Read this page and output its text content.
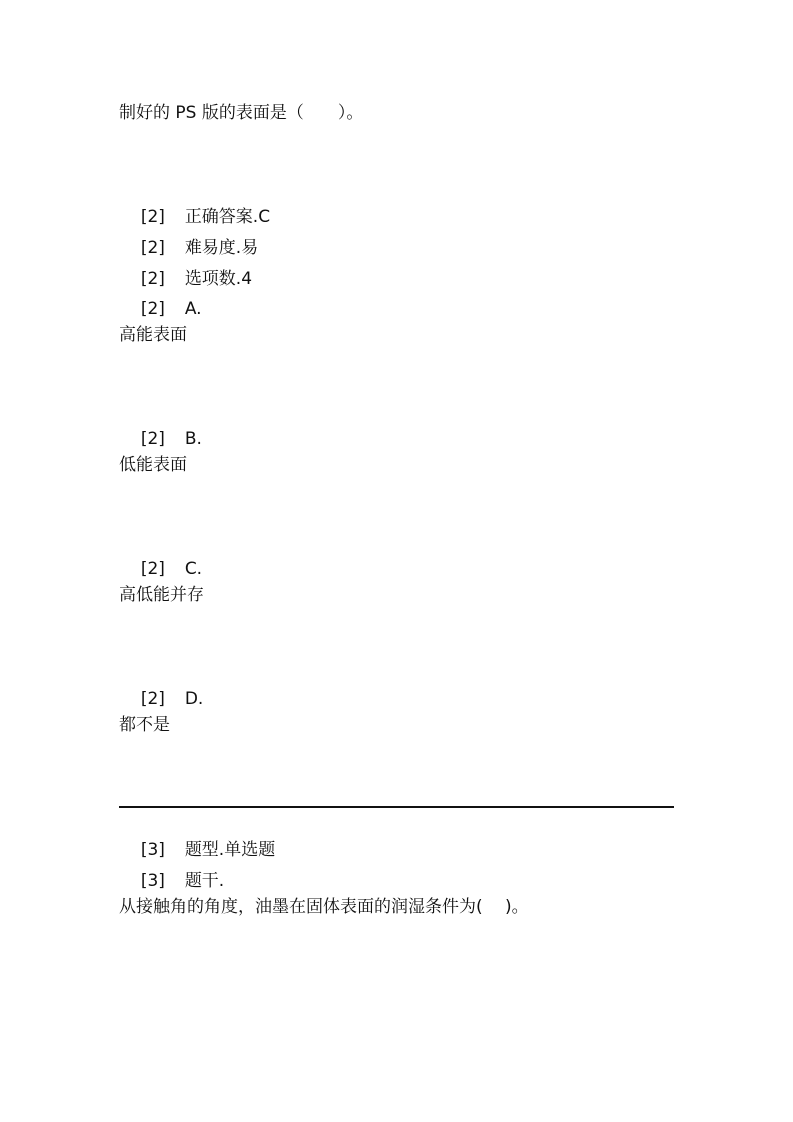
制好的 PS 版的表面是（　　）。

[2] 正确答案.C

[2] 难易度.易

[2] 选项数.4

[2] A.

高能表面

[2] B.

低能表面

[2] C.

高低能并存

[2] D.

都不是

[3] 题型.单选题

[3] 题干.

从接触角的角度，油墨在固体表面的润湿条件为(　 )。
